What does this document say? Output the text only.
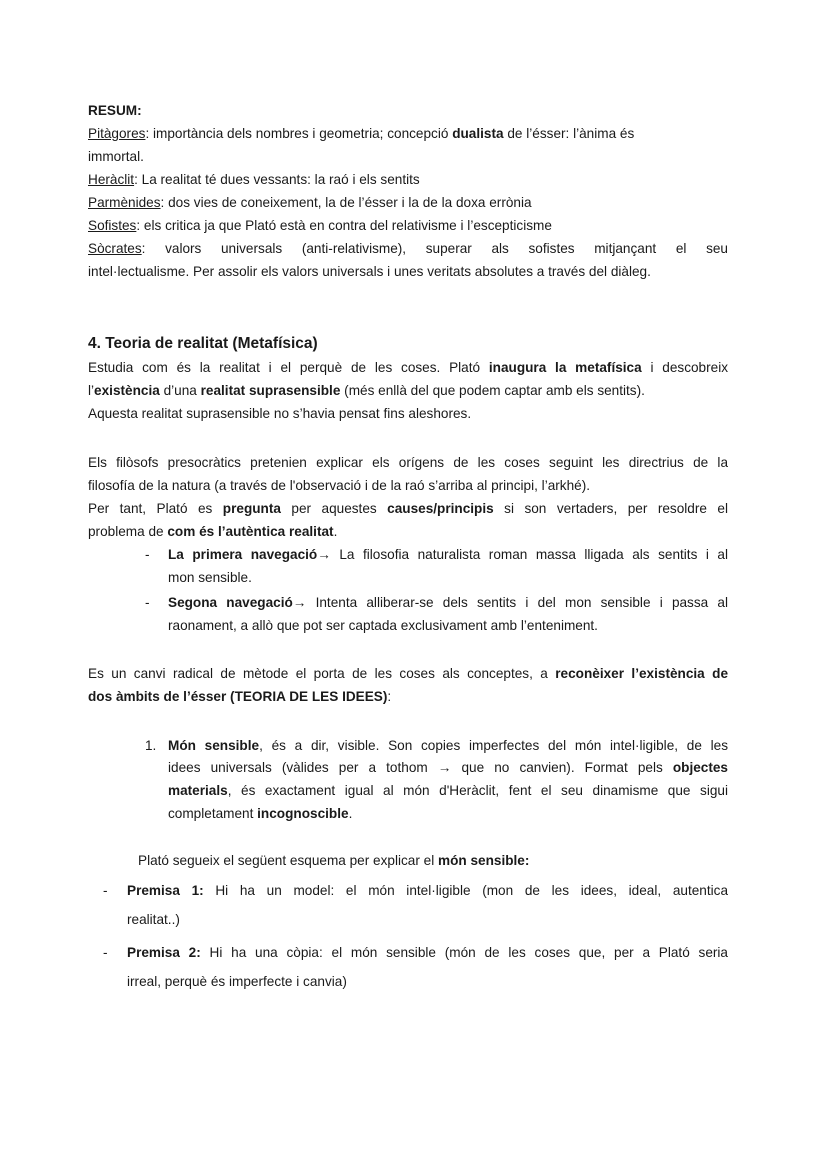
RESUM:
Pitàgores: importància dels nombres i geometria; concepció dualista de l’ésser: l’ànima és
immortal.
Heràclit: La realitat té dues vessants: la raó i els sentits
Parmènides: dos vies de coneixement, la de l’ésser i la de la doxa errònia
Sofistes: els critica ja que Plató està en contra del relativisme i l’escepticisme
Sòcrates: valors universals (anti-relativisme), superar als sofistes mitjançant el seu
intel·lectualisme. Per assolir els valors universals i unes veritats absolutes a través del diàleg.
4. Teoria de realitat (Metafísica)
Estudia com és la realitat i el perquè de les coses. Plató inaugura la metafísica i descobreix
l’existència d’una realitat suprasensible (més enllà del que podem captar amb els sentits).
Aquesta realitat suprasensible no s’havia pensat fins aleshores.
Els filòsofs presocràtics pretenien explicar els orígens de les coses seguint les directrius de la
filosofía de la natura (a través de l'observació i de la raó s’arriba al principi, l’arkhé).
Per tant, Plató es pregunta per aquestes causes/principis si son vertaders, per resoldre el
problema de com és l’autèntica realitat.
La primera navegació→ La filosofia naturalista roman massa lligada als sentits i al
-
mon sensible.
Segona navegació→ Intenta alliberar-se dels sentits i del mon sensible i passa al
-
raonament, a allò que pot ser captada exclusivament amb l’enteniment.
Es un canvi radical de mètode el porta de les coses als conceptes, a reconèixer l’existència de
dos àmbits de l’ésser (TEORIA DE LES IDEES):
Món sensible, és a dir, visible. Son copies imperfectes del món intel·ligible, de les
1.
idees universals (vàlides per a tothom → que no canvien). Format pels objectes
materials, és exactament igual al món d'Heràclit, fent el seu dinamisme que sigui
completament incognoscible.
Plató segueix el següent esquema per explicar el món sensible:
Premisa 1: Hi ha un model: el món intel·ligible (mon de les idees, ideal, autentica
-
realitat..)
Premisa 2: Hi ha una còpia: el món sensible (món de les coses que, per a Plató seria
-
irreal, perquè és imperfecte i canvia)
